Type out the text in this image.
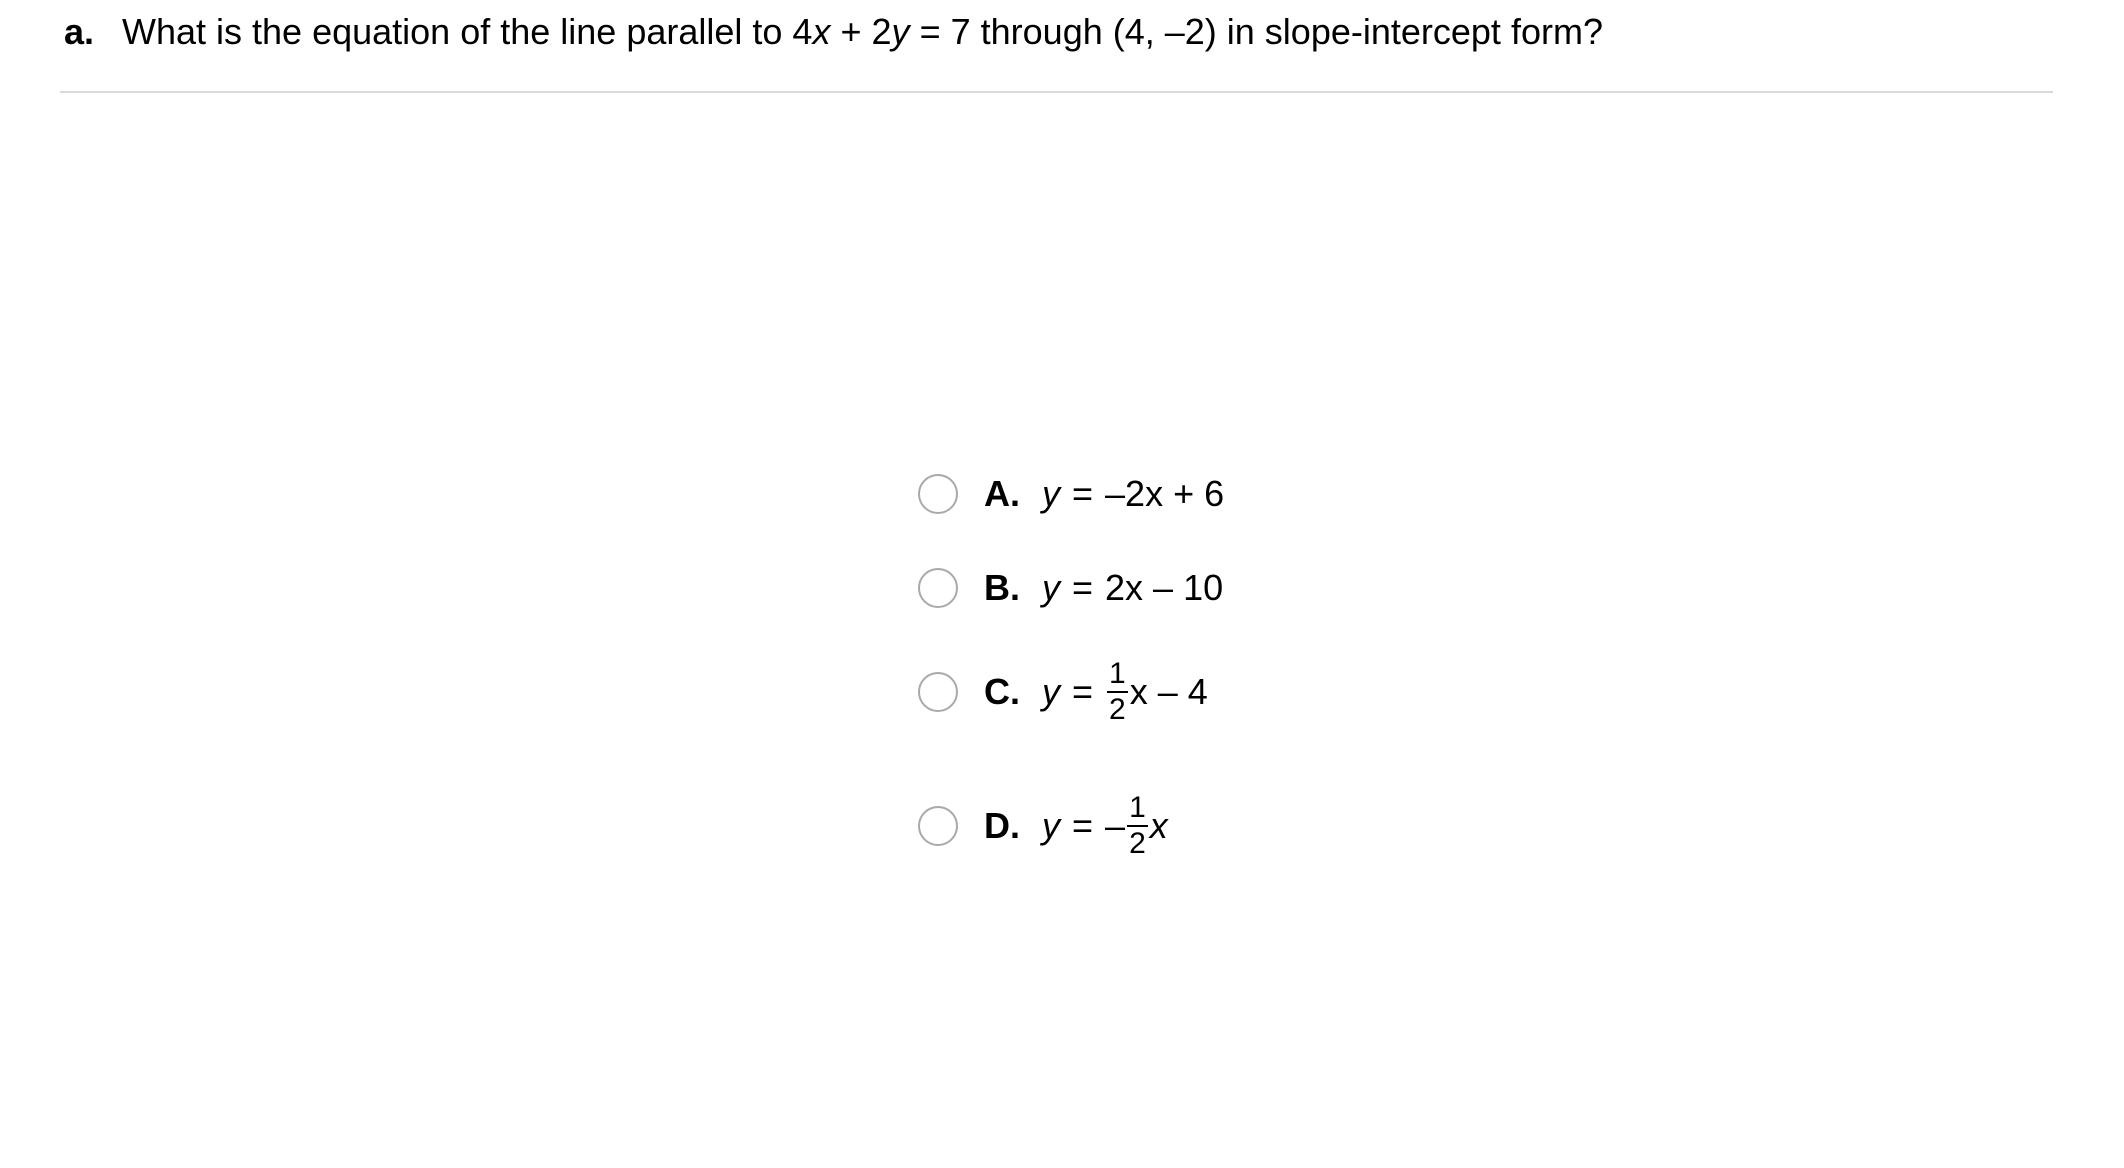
a. What is the equation of the line parallel to 4x + 2y = 7 through (4, –2) in slope-intercept form?
A. y = –2x + 6
B. y = 2x – 10
C. $y = \frac{1}{2}$ x – 4
D. y = – $\frac{1}{2}$ x
